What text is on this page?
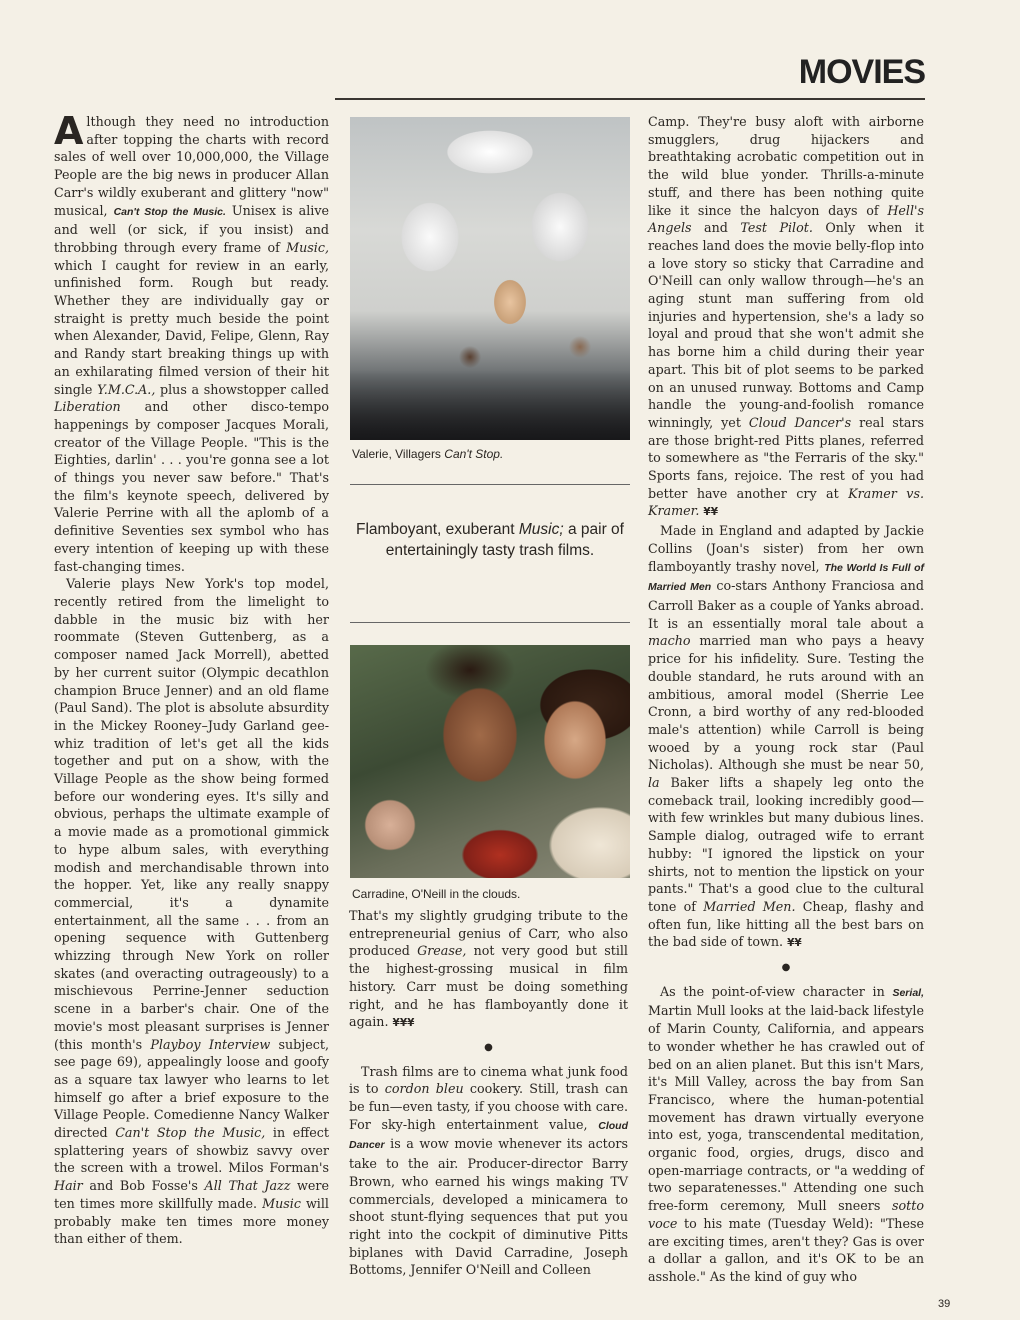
MOVIES

Although they need no introduction after topping the charts with record sales of well over 10,000,000, the Village People are the big news in producer Allan Carr's wildly exuberant and glittery "now" musical, Can't Stop the Music. Unisex is alive and well (or sick, if you insist) and throbbing through every frame of Music, which I caught for review in an early, unfinished form. Rough but ready. Whether they are individually gay or straight is pretty much beside the point when Alexander, David, Felipe, Glenn, Ray and Randy start breaking things up with an exhilarating filmed version of their hit single Y.M.C.A., plus a showstopper called Liberation and other disco-tempo happenings by composer Jacques Morali, creator of the Village People. "This is the Eighties, darlin' . . . you're gonna see a lot of things you never saw before." That's the film's keynote speech, delivered by Valerie Perrine with all the aplomb of a definitive Seventies sex symbol who has every intention of keeping up with these fast-changing times.

Valerie plays New York's top model, recently retired from the limelight to dabble in the music biz with her roommate (Steven Guttenberg, as a composer named Jack Morrell), abetted by her current suitor (Olympic decathlon champion Bruce Jenner) and an old flame (Paul Sand). The plot is absolute absurdity in the Mickey Rooney–Judy Garland gee-whiz tradition of let's get all the kids together and put on a show, with the Village People as the show being formed before our wondering eyes. It's silly and obvious, perhaps the ultimate example of a movie made as a promotional gimmick to hype album sales, with everything modish and merchandisable thrown into the hopper. Yet, like any really snappy commercial, it's a dynamite entertainment, all the same . . . from an opening sequence with Guttenberg whizzing through New York on roller skates (and overacting outrageously) to a mischievous Perrine-Jenner seduction scene in a barber's chair. One of the movie's most pleasant surprises is Jenner (this month's Playboy Interview subject, see page 69), appealingly loose and goofy as a square tax lawyer who learns to let himself go after a brief exposure to the Village People. Comedienne Nancy Walker directed Can't Stop the Music, in effect splattering years of showbiz savvy over the screen with a trowel. Milos Forman's Hair and Bob Fosse's All That Jazz were ten times more skillfully made. Music will probably make ten times more money than either of them.

Valerie, Villagers Can't Stop.
Flamboyant, exuberant Music; a pair of entertainingly tasty trash films.
Carradine, O'Neill in the clouds.

That's my slightly grudging tribute to the entrepreneurial genius of Carr, who also produced Grease, not very good but still the highest-grossing musical in film history. Carr must be doing something right, and he has flamboyantly done it again. ¥¥¥

●

Trash films are to cinema what junk food is to cordon bleu cookery. Still, trash can be fun—even tasty, if you choose with care. For sky-high entertainment value, Cloud Dancer is a wow movie whenever its actors take to the air. Producer-director Barry Brown, who earned his wings making TV commercials, developed a minicamera to shoot stunt-flying sequences that put you right into the cockpit of diminutive Pitts biplanes with David Carradine, Joseph Bottoms, Jennifer O'Neill and Colleen

Camp. They're busy aloft with airborne smugglers, drug hijackers and breathtaking acrobatic competition out in the wild blue yonder. Thrills-a-minute stuff, and there has been nothing quite like it since the halcyon days of Hell's Angels and Test Pilot. Only when it reaches land does the movie belly-flop into a love story so sticky that Carradine and O'Neill can only wallow through—he's an aging stunt man suffering from old injuries and hypertension, she's a lady so loyal and proud that she won't admit she has borne him a child during their year apart. This bit of plot seems to be parked on an unused runway. Bottoms and Camp handle the young-and-foolish romance winningly, yet Cloud Dancer's real stars are those bright-red Pitts planes, referred to somewhere as "the Ferraris of the sky." Sports fans, rejoice. The rest of you had better have another cry at Kramer vs. Kramer. ¥¥

Made in England and adapted by Jackie Collins (Joan's sister) from her own flamboyantly trashy novel, The World Is Full of Married Men co-stars Anthony Franciosa and Carroll Baker as a couple of Yanks abroad. It is an essentially moral tale about a macho married man who pays a heavy price for his infidelity. Sure. Testing the double standard, he ruts around with an ambitious, amoral model (Sherrie Lee Cronn, a bird worthy of any red-blooded male's attention) while Carroll is being wooed by a young rock star (Paul Nicholas). Although she must be near 50, la Baker lifts a shapely leg onto the comeback trail, looking incredibly good—with few wrinkles but many dubious lines. Sample dialog, outraged wife to errant hubby: "I ignored the lipstick on your shirts, not to mention the lipstick on your pants." That's a good clue to the cultural tone of Married Men. Cheap, flashy and often fun, like hitting all the best bars on the bad side of town. ¥¥

●

As the point-of-view character in Serial, Martin Mull looks at the laid-back lifestyle of Marin County, California, and appears to wonder whether he has crawled out of bed on an alien planet. But this isn't Mars, it's Mill Valley, across the bay from San Francisco, where the human-potential movement has drawn virtually everyone into est, yoga, transcendental meditation, organic food, orgies, drugs, disco and open-marriage contracts, or "a wedding of two separatenesses." Attending one such free-form ceremony, Mull sneers sotto voce to his mate (Tuesday Weld): "These are exciting times, aren't they? Gas is over a dollar a gallon, and it's OK to be an asshole." As the kind of guy who

39
